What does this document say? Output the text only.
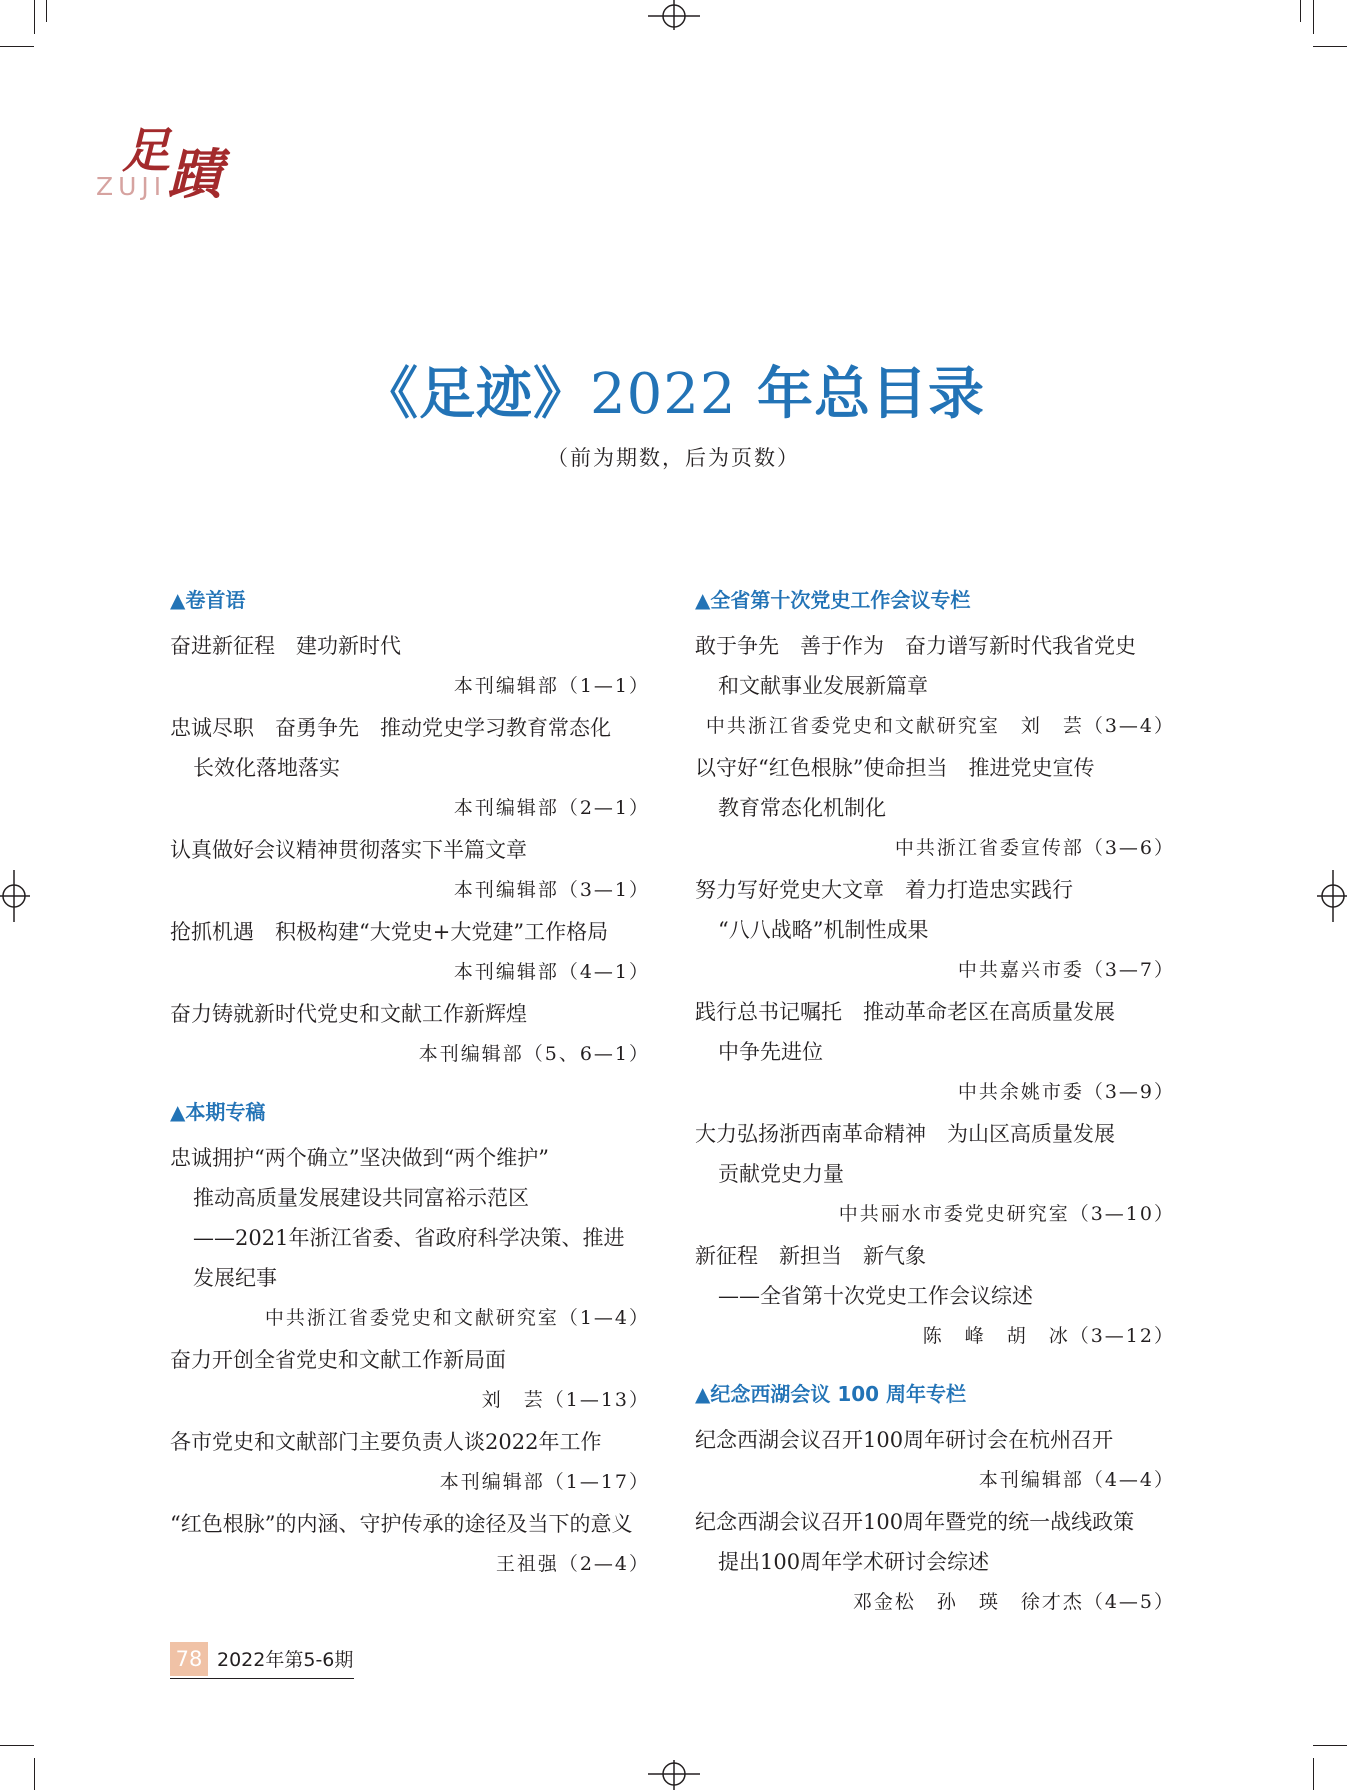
足
蹟
ZUJI
《足迹》2022 年总目录
（前为期数，后为页数）
▲卷首语
奋进新征程　建功新时代
本刊编辑部（1—1）
忠诚尽职　奋勇争先　推动党史学习教育常态化
长效化落地落实
本刊编辑部（2—1）
认真做好会议精神贯彻落实下半篇文章
本刊编辑部（3—1）
抢抓机遇　积极构建“大党史+大党建”工作格局
本刊编辑部（4—1）
奋力铸就新时代党史和文献工作新辉煌
本刊编辑部（5、6—1）
▲本期专稿
忠诚拥护“两个确立”坚决做到“两个维护”
推动高质量发展建设共同富裕示范区
——2021年浙江省委、省政府科学决策、推进
发展纪事
中共浙江省委党史和文献研究室（1—4）
奋力开创全省党史和文献工作新局面
刘　芸（1—13）
各市党史和文献部门主要负责人谈2022年工作
本刊编辑部（1—17）
“红色根脉”的内涵、守护传承的途径及当下的意义
王祖强（2—4）
▲全省第十次党史工作会议专栏
敢于争先　善于作为　奋力谱写新时代我省党史
和文献事业发展新篇章
中共浙江省委党史和文献研究室　刘　芸（3—4）
以守好“红色根脉”使命担当　推进党史宣传
教育常态化机制化
中共浙江省委宣传部（3—6）
努力写好党史大文章　着力打造忠实践行
“八八战略”机制性成果
中共嘉兴市委（3—7）
践行总书记嘱托　推动革命老区在高质量发展
中争先进位
中共余姚市委（3—9）
大力弘扬浙西南革命精神　为山区高质量发展
贡献党史力量
中共丽水市委党史研究室（3—10）
新征程　新担当　新气象
——全省第十次党史工作会议综述
陈　峰　胡　冰（3—12）
▲纪念西湖会议 100 周年专栏
纪念西湖会议召开100周年研讨会在杭州召开
本刊编辑部（4—4）
纪念西湖会议召开100周年暨党的统一战线政策
提出100周年学术研讨会综述
邓金松　孙　瑛　徐才杰（4—5）
78 2022年第5-6期
